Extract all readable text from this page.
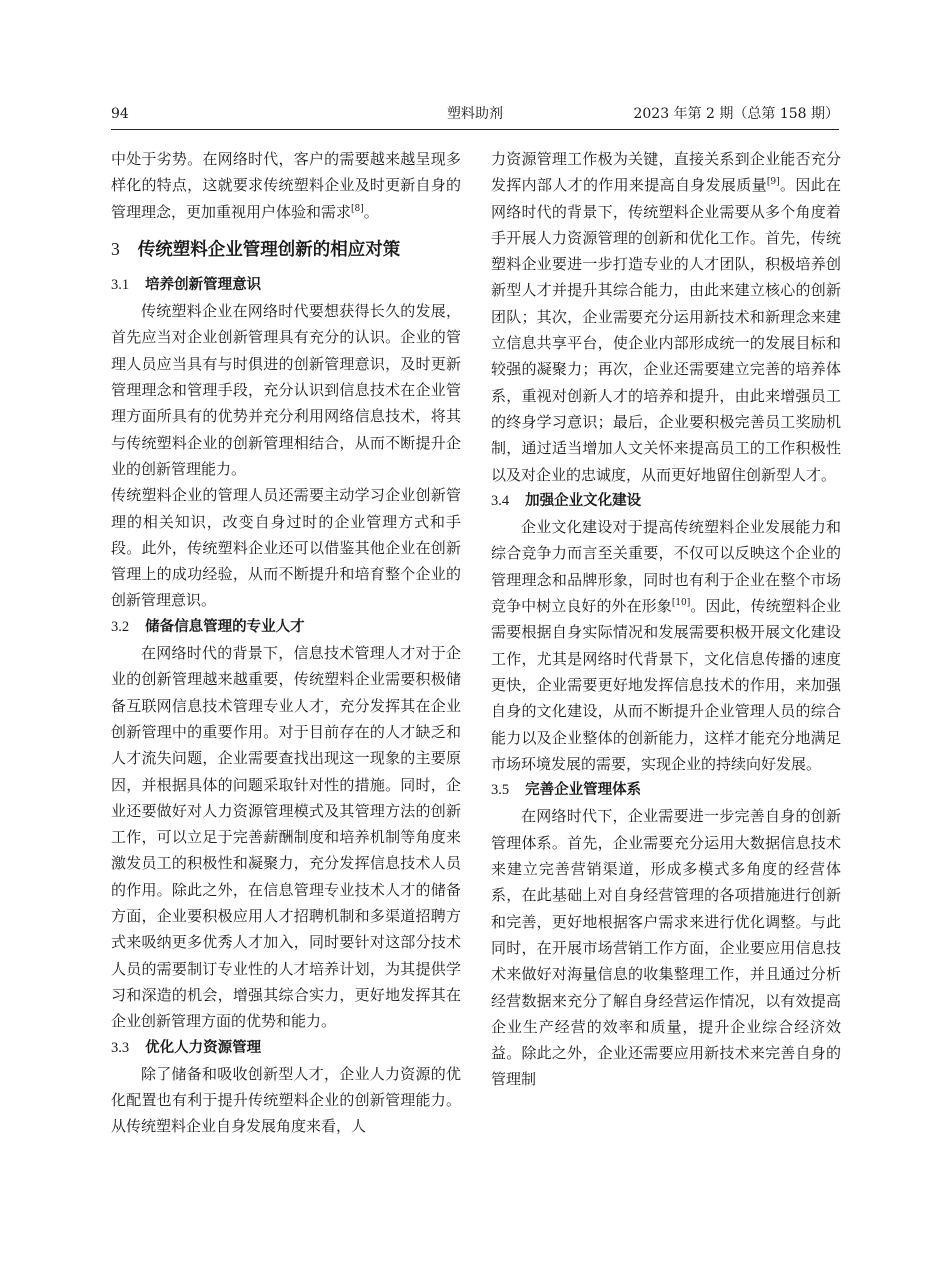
94	塑料助剂	2023 年第 2 期（总第 158 期）

中处于劣势。在网络时代，客户的需要越来越呈现多样化的特点，这就要求传统塑料企业及时更新自身的管理理念，更加重视用户体验和需求[8]。

3 传统塑料企业管理创新的相应对策
3.1 培养创新管理意识

传统塑料企业在网络时代要想获得长久的发展，首先应当对企业创新管理具有充分的认识。企业的管理人员应当具有与时俱进的创新管理意识，及时更新管理理念和管理手段，充分认识到信息技术在企业管理方面所具有的优势并充分利用网络信息技术，将其与传统塑料企业的创新管理相结合，从而不断提升企业的创新管理能力。

传统塑料企业的管理人员还需要主动学习企业创新管理的相关知识，改变自身过时的企业管理方式和手段。此外，传统塑料企业还可以借鉴其他企业在创新管理上的成功经验，从而不断提升和培育整个企业的创新管理意识。

3.2 储备信息管理的专业人才

在网络时代的背景下，信息技术管理人才对于企业的创新管理越来越重要，传统塑料企业需要积极储备互联网信息技术管理专业人才，充分发挥其在企业创新管理中的重要作用。对于目前存在的人才缺乏和人才流失问题，企业需要查找出现这一现象的主要原因，并根据具体的问题采取针对性的措施。同时，企业还要做好对人力资源管理模式及其管理方法的创新工作，可以立足于完善薪酬制度和培养机制等角度来激发员工的积极性和凝聚力，充分发挥信息技术人员的作用。除此之外，在信息管理专业技术人才的储备方面，企业要积极应用人才招聘机制和多渠道招聘方式来吸纳更多优秀人才加入，同时要针对这部分技术人员的需要制订专业性的人才培养计划，为其提供学习和深造的机会，增强其综合实力，更好地发挥其在企业创新管理方面的优势和能力。

3.3 优化人力资源管理

除了储备和吸收创新型人才，企业人力资源的优化配置也有利于提升传统塑料企业的创新管理能力。从传统塑料企业自身发展角度来看，人

力资源管理工作极为关键，直接关系到企业能否充分发挥内部人才的作用来提高自身发展质量[9]。因此在网络时代的背景下，传统塑料企业需要从多个角度着手开展人力资源管理的创新和优化工作。首先，传统塑料企业要进一步打造专业的人才团队，积极培养创新型人才并提升其综合能力，由此来建立核心的创新团队；其次，企业需要充分运用新技术和新理念来建立信息共享平台，使企业内部形成统一的发展目标和较强的凝聚力；再次，企业还需要建立完善的培养体系，重视对创新人才的培养和提升，由此来增强员工的终身学习意识；最后，企业要积极完善员工奖励机制，通过适当增加人文关怀来提高员工的工作积极性以及对企业的忠诚度，从而更好地留住创新型人才。

3.4 加强企业文化建设

企业文化建设对于提高传统塑料企业发展能力和综合竞争力而言至关重要，不仅可以反映这个企业的管理理念和品牌形象，同时也有利于企业在整个市场竞争中树立良好的外在形象[10]。因此，传统塑料企业需要根据自身实际情况和发展需要积极开展文化建设工作，尤其是网络时代背景下，文化信息传播的速度更快，企业需要更好地发挥信息技术的作用，来加强自身的文化建设，从而不断提升企业管理人员的综合能力以及企业整体的创新能力，这样才能充分地满足市场环境发展的需要，实现企业的持续向好发展。

3.5 完善企业管理体系

在网络时代下，企业需要进一步完善自身的创新管理体系。首先，企业需要充分运用大数据信息技术来建立完善营销渠道，形成多模式多角度的经营体系，在此基础上对自身经营管理的各项措施进行创新和完善，更好地根据客户需求来进行优化调整。与此同时，在开展市场营销工作方面，企业要应用信息技术来做好对海量信息的收集整理工作，并且通过分析经营数据来充分了解自身经营运作情况，以有效提高企业生产经营的效率和质量，提升企业综合经济效益。除此之外，企业还需要应用新技术来完善自身的管理制
